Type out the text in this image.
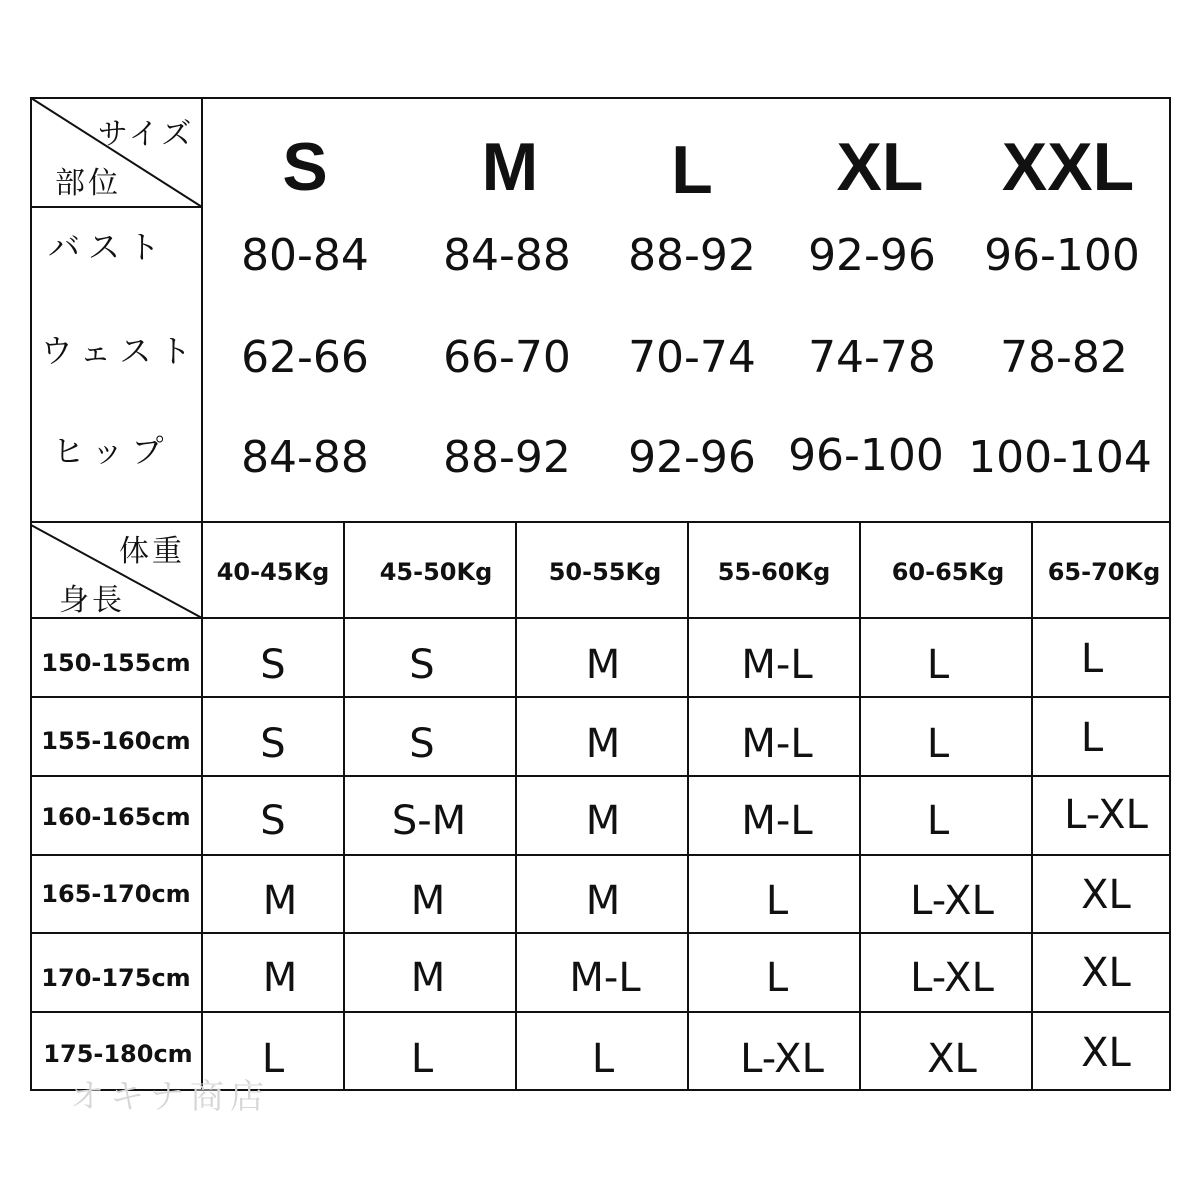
サイズ
部位 S M L XL XXL
バスト 80-84 84-88 88-92 92-96 96-100
ウェスト 62-66 66-70 70-74 74-78 78-82
ヒップ 84-88 88-92 92-96 96-100 100-104
体重
身長
40-45Kg 45-50Kg 50-55Kg 55-60Kg	60-65Kg 65-70Kg
150-155cm S	S	M	M-L	L	L
155-160cm S	S	M	M-L	L	L
160-165cm S	S-M	M	M-L	L	L-XL
165-170cm M	M	M	L	L-XL XL
170-175cm M	M	M-L	L	L-XL XL
175-180cm L	L	L	L-XL	XL	XL
オキナ商店
